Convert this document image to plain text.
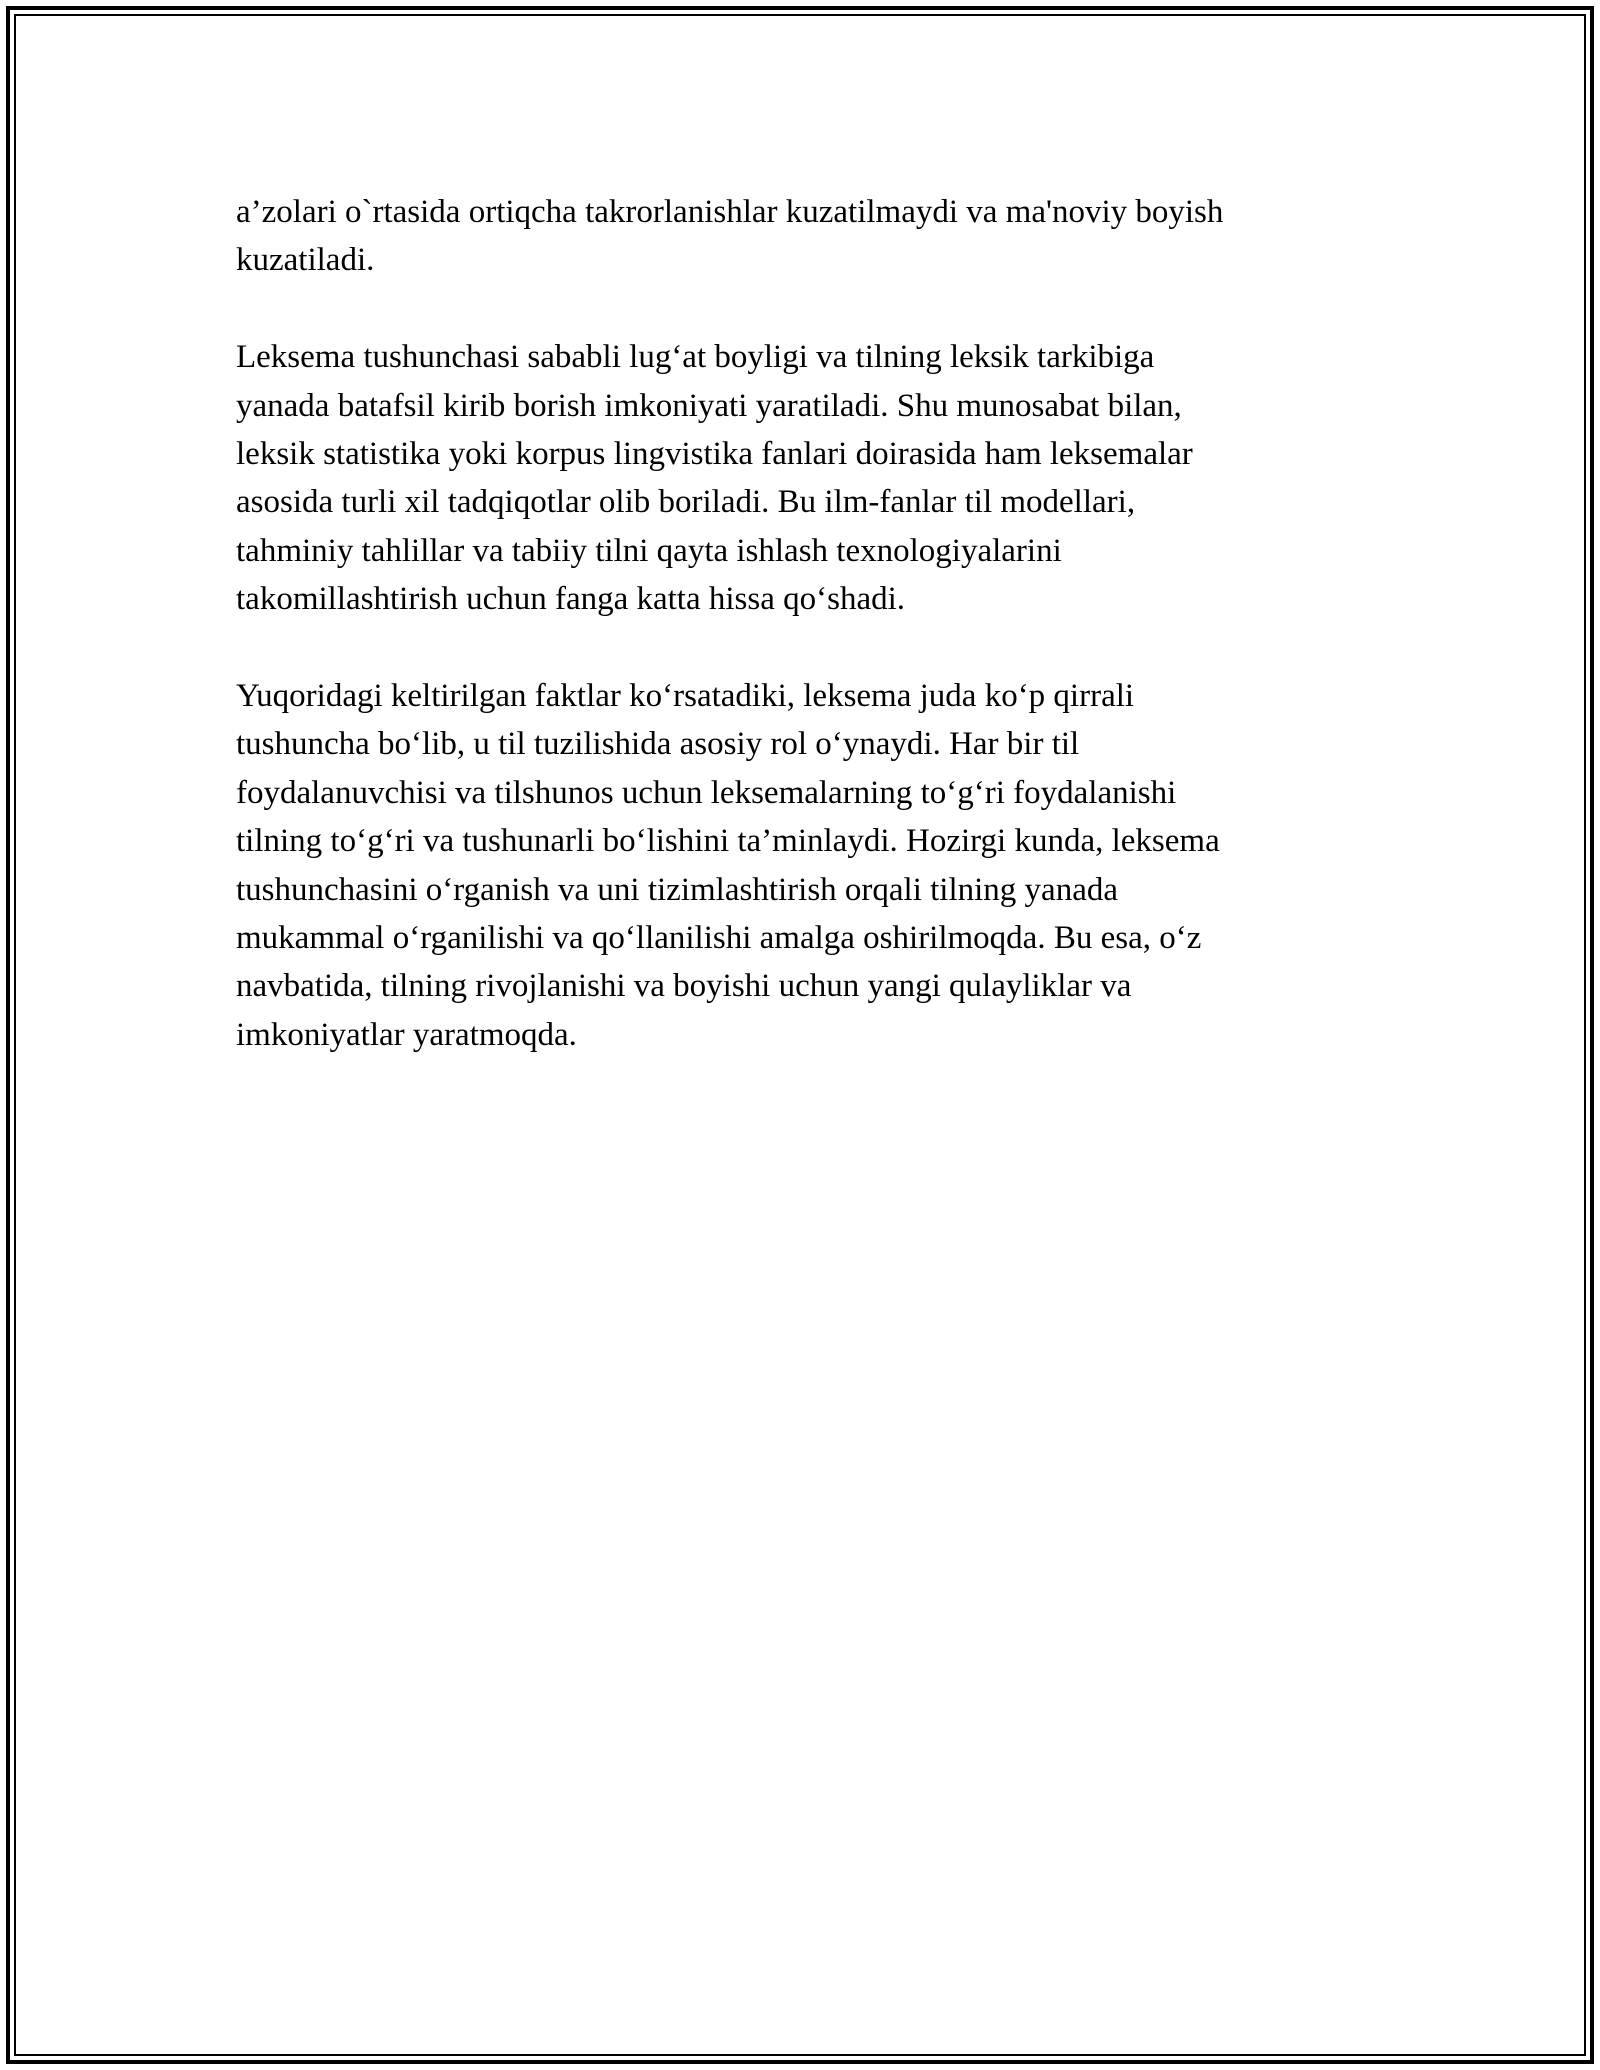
a’zolari o`rtasida ortiqcha takrorlanishlar kuzatilmaydi va ma'noviy boyish
kuzatiladi.

Leksema tushunchasi sababli lug‘at boyligi va tilning leksik tarkibiga
yanada batafsil kirib borish imkoniyati yaratiladi. Shu munosabat bilan,
leksik statistika yoki korpus lingvistika fanlari doirasida ham leksemalar
asosida turli xil tadqiqotlar olib boriladi. Bu ilm-fanlar til modellari,
tahminiy tahlillar va tabiiy tilni qayta ishlash texnologiyalarini
takomillashtirish uchun fanga katta hissa qo‘shadi.

Yuqoridagi keltirilgan faktlar ko‘rsatadiki, leksema juda ko‘p qirrali
tushuncha bo‘lib, u til tuzilishida asosiy rol o‘ynaydi. Har bir til
foydalanuvchisi va tilshunos uchun leksemalarning to‘g‘ri foydalanishi
tilning to‘g‘ri va tushunarli bo‘lishini ta’minlaydi. Hozirgi kunda, leksema
tushunchasini o‘rganish va uni tizimlashtirish orqali tilning yanada
mukammal o‘rganilishi va qo‘llanilishi amalga oshirilmoqda. Bu esa, o‘z
navbatida, tilning rivojlanishi va boyishi uchun yangi qulayliklar va
imkoniyatlar yaratmoqda.
